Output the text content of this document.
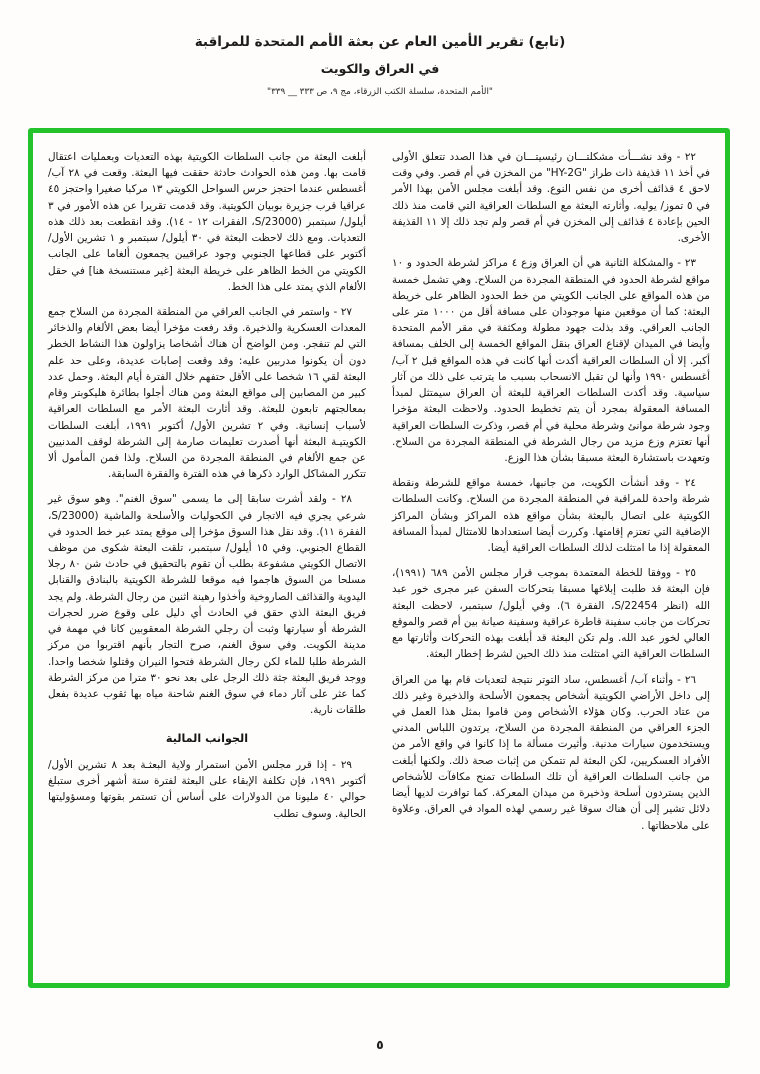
(تابع) تقرير الأمين العام عن بعثة الأمم المتحدة للمراقبة
في العراق والكويت
"الأمم المتحدة، سلسلة الكتب الزرقاء، مج ٩، ص ٣٣٣ __ ٣٣٩"

٢٢ - وقد نشـــأت مشكلتـــان رئيسيتـــان في هذا الصدد تتعلق الأولى في أخذ ١١ قذيفة ذات طراز "HY-2G" من المخزن في أم قصر. وفي وقت لاحق ٤ قذائف أخرى من نفس النوع. وقد أبلغت مجلس الأمن بهذا الأمر في ٥ تموز/ يوليه. وأثارته البعثة مع السلطات العراقية التي قامت منذ ذلك الحين بإعادة ٤ قذائف إلى المخزن في أم قصر ولم تجد ذلك إلا ١١ القذيفة الأخرى.

٢٣ - والمشكلة الثانية هي أن العراق وزع ٤ مراكز لشرطة الحدود و ١٠ مواقع لشرطة الحدود في المنطقة المجردة من السلاح. وهي تشمل خمسة من هذه المواقع على الجانب الكويتي من خط الحدود الظاهر على خريطة البعثة: كما أن موقعين منها موجودان على مسافة أقل من ١٠٠٠ متر على الجانب العراقي. وقد بذلت جهود مطولة ومكثفة في مقر الأمم المتحدة وأيضا في الميدان لإقناع العراق بنقل المواقع الخمسة إلى الخلف بمسافة أكبر. إلا أن السلطات العراقية أكدت أنها كانت في هذه المواقع قبل ٢ آب/ أغسطس ١٩٩٠ وأنها لن تقبل الانسحاب بسبب ما يترتب على ذلك من آثار سياسية. وقد أكدت السلطات العراقية للبعثة أن العراق سيمتثل لمبدأ المسافة المعقولة بمجرد أن يتم تخطيط الحدود. ولاحظت البعثة مؤخرا وجود شرطة موانئ وشرطة محلية في أم قصر، وذكرت السلطات العراقية أنها تعتزم وزع مزيد من رجال الشرطة في المنطقة المجردة من السلاح. وتعهدت باستشارة البعثة مسبقا بشأن هذا الوزع.

٢٤ - وقد أنشأت الكويت، من جانبها، خمسة مواقع للشرطة ونقطة شرطة واحدة للمراقبة في المنطقة المجردة من السلاح. وكانت السلطات الكويتية على اتصال بالبعثة بشأن مواقع هذه المراكز وبشأن المراكز الإضافية التي تعتزم إقامتها. وكررت أيضا استعدادها للامتثال لمبدأ المسافة المعقولة إذا ما امتثلت لذلك السلطات العراقية أيضا.

٢٥ - ووفقا للخطة المعتمدة بموجب قرار مجلس الأمن ٦٨٩ (١٩٩١)، فإن البعثة قد طلبت إبلاغها مسبقا بتحركات السفن عبر مجرى خور عبد الله (انظر S/22454، الفقرة ٦). وفي أيلول/ سبتمبر، لاحظت البعثة تحركات من جانب سفينة قاطرة عراقية وسفينة صيانة بين أم قصر والموقع العالي لخور عبد الله. ولم تكن البعثة قد أبلغت بهذه التحركات وأثارتها مع السلطات العراقية التي امتثلت منذ ذلك الحين لشرط إخطار البعثة.

٢٦ - وأثناء آب/ أغسطس، ساد التوتر نتيجة لتعديات قام بها من العراق إلى داخل الأراضي الكويتية أشخاص يجمعون الأسلحة والذخيرة وغير ذلك من عتاد الحرب. وكان هؤلاء الأشخاص ومن قاموا بمثل هذا العمل في الجزء العراقي من المنطقة المجردة من السلاح، يرتدون اللباس المدني ويستخدمون سيارات مدنية. وأثيرت مسألة ما إذا كانوا في واقع الأمر من الأفراد العسكريين، لكن البعثة لم تتمكن من إثبات صحة ذلك. ولكنها أبلغت من جانب السلطات العراقية أن تلك السلطات تمنح مكافآت للأشخاص الذين يستردون أسلحة وذخيرة من ميدان المعركة. كما توافرت لديها أيضا دلائل تشير إلى أن هناك سوقا غير رسمي لهذه المواد في العراق. وعلاوة على ملاحظاتها .

أبلغت البعثة من جانب السلطات الكويتية بهذه التعديات وبعمليات اعتقال قامت بها. ومن هذه الحوادث حادثة حققت فيها البعثة. وقعت في ٢٨ آب/ أغسطس عندما احتجز حرس السواحل الكويتي ١٣ مركبا صغيرا واحتجز ٤٥ عراقيا قرب جزيرة بوبيان الكويتية. وقد قدمت تقريرا عن هذه الأمور في ٣ أيلول/ سبتمبر (S/23000، الفقرات ١٢ - ١٤). وقد انقطعت بعد ذلك هذه التعديات. ومع ذلك لاحظت البعثة في ٣٠ أيلول/ سبتمبر و ١ تشرين الأول/ أكتوبر على قطاعها الجنوبي وجود عراقيين يجمعون ألغاما على الجانب الكويتي من الخط الظاهر على خريطة البعثة [غير مستنسخة هنا] في حقل الألغام الذي يمتد على هذا الخط.

٢٧ - واستمر في الجانب العراقي من المنطقة المجردة من السلاح جمع المعدات العسكرية والذخيرة. وقد رفعت مؤخرا أيضا بعض الألغام والذخائر التي لم تنفجر. ومن الواضح أن هناك أشخاصا يزاولون هذا النشاط الخطر دون أن يكونوا مدربين عليه: وقد وقعت إصابات عديدة، وعلى حد علم البعثة لقي ١٦ شخصا على الأقل حتفهم خلال الفترة أيام البعثة. وحمل عدد كبير من المصابين إلى مواقع البعثة ومن هناك أجلوا بطائرة هليكوبتر وقام بمعالجتهم تابعون للبعثة. وقد أثارت البعثة الأمر مع السلطات العراقية لأسباب إنسانية. وفي ٢ تشرين الأول/ أكتوبر ١٩٩١، أبلغت السلطات الكويتيـة البعثة أنها أصدرت تعليمات صارمة إلى الشرطة لوقف المدنيين عن جمع الألغام في المنطقة المجردة من السلاح. ولذا فمن المأمول ألا تتكرر المشاكل الوارد ذكرها في هذه الفترة والفقرة السابقة.

٢٨ - ولقد أشرت سابقا إلى ما يسمى "سوق الغنم". وهو سوق غير شرعي يجري فيه الاتجار في الكحوليات والأسلحة والماشية (S/23000، الفقرة ١١). وقد نقل هذا السوق مؤخرا إلى موقع يمتد عبر خط الحدود في القطاع الجنوبي. وفي ١٥ أيلول/ سبتمبر، تلقت البعثة شكوى من موظف الاتصال الكويتي مشفوعة بطلب أن تقوم بالتحقيق في حادث شن ٨٠ رجلا مسلحا من السوق هاجموا فيه موقعا للشرطة الكويتية بالبنادق والقنابل اليدوية والقذائف الصاروخية وأخذوا رهينة اثنين من رجال الشرطة. ولم يجد فريق البعثة الذي حقق في الحادث أي دليل على وقوع ضرر لحجرات الشرطة أو سيارتها وثبت أن رجلي الشرطة المعقوبين كانا في مهمة في مدينة الكويت. وفي سوق الغنم، صرح التجار بأنهم اقتربوا من مركز الشرطة طلبا للماء لكن رجال الشرطة فتحوا النيران وقتلوا شخصا واحدا. ووجد فريق البعثة جثة ذلك الرجل على بعد نحو ٣٠ مترا من مركز الشرطة كما عثر على آثار دماء في سوق الغنم شاحنة مياه بها ثقوب عديدة بفعل طلقات نارية.

الجوانب المالية

٢٩ - إذا قرر مجلس الأمن استمرار ولاية البعثـة بعد ٨ تشرين الأول/ أكتوبر ١٩٩١، فإن تكلفة الإبقاء على البعثة لفترة ستة أشهر أخرى ستبلغ حوالي ٤٠ مليونا من الدولارات على أساس أن تستمر بقوتها ومسؤوليتها الحالية. وسوف تطلب

٥
